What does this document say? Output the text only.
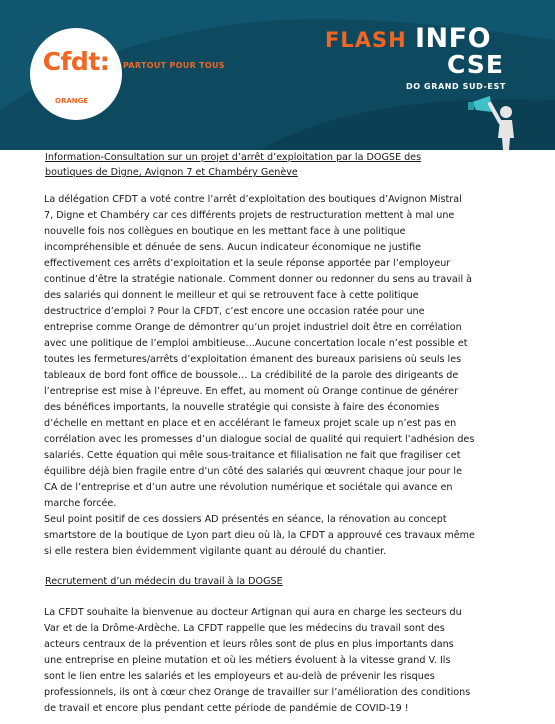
Cfdt:
ORANGE
PARTOUT POUR TOUS
FLASH INFO
CSE
DO GRAND SUD-EST
Information-Consultation sur un projet d’arrêt d’exploitation par la DOGSE des
boutiques de Digne, Avignon 7 et Chambéry Genève
La délégation CFDT a voté contre l’arrêt d’exploitation des boutiques d’Avignon Mistral
7, Digne et Chambéry car ces différents projets de restructuration mettent à mal une
nouvelle fois nos collègues en boutique en les mettant face à une politique
incompréhensible et dénuée de sens. Aucun indicateur économique ne justifie
effectivement ces arrêts d’exploitation et la seule réponse apportée par l’employeur
continue d’être la stratégie nationale. Comment donner ou redonner du sens au travail à
des salariés qui donnent le meilleur et qui se retrouvent face à cette politique
destructrice d’emploi ? Pour la CFDT, c’est encore une occasion ratée pour une
entreprise comme Orange de démontrer qu’un projet industriel doit être en corrélation
avec une politique de l’emploi ambitieuse…Aucune concertation locale n’est possible et
toutes les fermetures/arrêts d’exploitation émanent des bureaux parisiens où seuls les
tableaux de bord font office de boussole… La crédibilité de la parole des dirigeants de
l’entreprise est mise à l’épreuve. En effet, au moment où Orange continue de générer
des bénéfices importants, la nouvelle stratégie qui consiste à faire des économies
d’échelle en mettant en place et en accélérant le fameux projet scale up n’est pas en
corrélation avec les promesses d’un dialogue social de qualité qui requiert l’adhésion des
salariés. Cette équation qui mêle sous-traitance et filialisation ne fait que fragiliser cet
équilibre déjà bien fragile entre d’un côté des salariés qui œuvrent chaque jour pour le
CA de l’entreprise et d’un autre une révolution numérique et sociétale qui avance en
marche forcée.
Seul point positif de ces dossiers AD présentés en séance, la rénovation au concept
smartstore de la boutique de Lyon part dieu où là, la CFDT a approuvé ces travaux même
si elle restera bien évidemment vigilante quant au déroulé du chantier.
Recrutement d’un médecin du travail à la DOGSE
La CFDT souhaite la bienvenue au docteur Artignan qui aura en charge les secteurs du
Var et de la Drôme-Ardèche. La CFDT rappelle que les médecins du travail sont des
acteurs centraux de la prévention et leurs rôles sont de plus en plus importants dans
une entreprise en pleine mutation et où les métiers évoluent à la vitesse grand V. Ils
sont le lien entre les salariés et les employeurs et au-delà de prévenir les risques
professionnels, ils ont à cœur chez Orange de travailler sur l’amélioration des conditions
de travail et encore plus pendant cette période de pandémie de COVID-19 !
